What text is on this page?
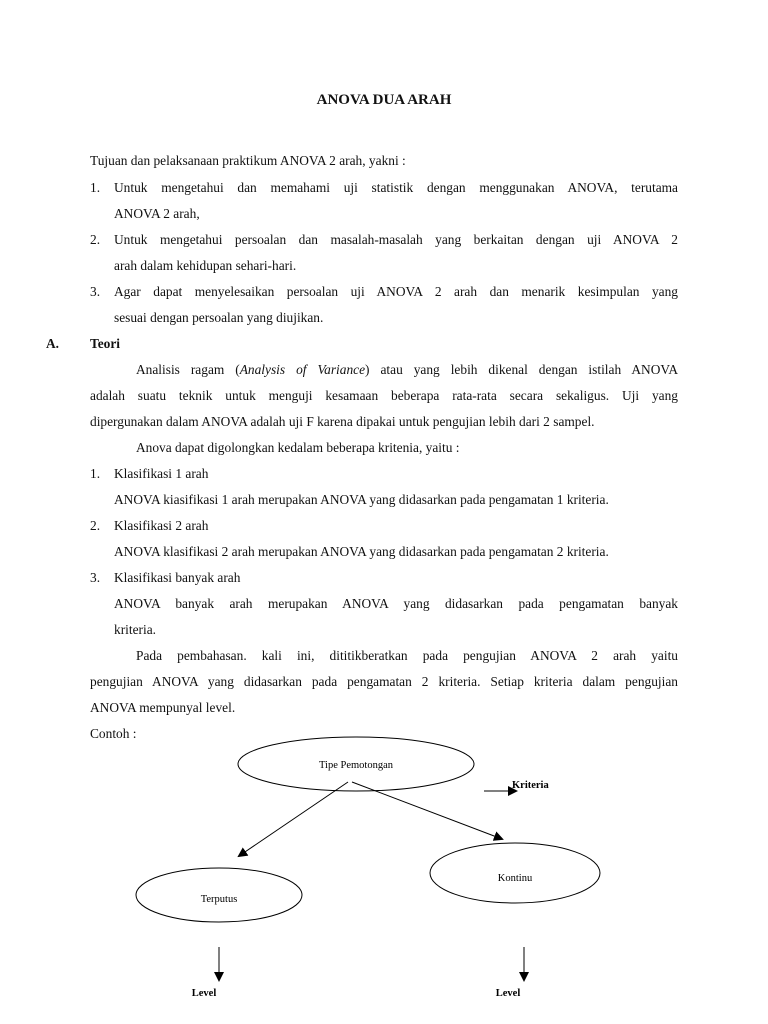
ANOVA DUA ARAH
Tujuan dan pelaksanaan praktikum ANOVA 2 arah, yakni :
1. Untuk mengetahui dan memahami uji statistik dengan menggunakan ANOVA, terutama
ANOVA 2 arah,
2. Untuk mengetahui persoalan dan masalah-masalah yang berkaitan dengan uji ANOVA 2
arah dalam kehidupan sehari-hari.
3. Agar dapat menyelesaikan persoalan uji ANOVA 2 arah dan menarik kesimpulan yang
sesuai dengan persoalan yang diujikan.
A. Teori
Analisis ragam (Analysis of Variance) atau yang lebih dikenal dengan istilah ANOVA
adalah suatu teknik untuk menguji kesamaan beberapa rata-rata secara sekaligus. Uji yang
dipergunakan dalam ANOVA adalah uji F karena dipakai untuk pengujian lebih dari 2 sampel.
Anova dapat digolongkan kedalam beberapa kritenia, yaitu :
1. Klasifikasi 1 arah
ANOVA kiasifikasi 1 arah merupakan ANOVA yang didasarkan pada pengamatan 1 kriteria.
2. Klasifikasi 2 arah
ANOVA klasifikasi 2 arah merupakan ANOVA yang didasarkan pada pengamatan 2 kriteria.
3. Klasifikasi banyak arah
ANOVA banyak arah merupakan ANOVA yang didasarkan pada pengamatan banyak
kriteria.
Pada pembahasan. kali ini, dititikberatkan pada pengujian ANOVA 2 arah yaitu
pengujian ANOVA yang didasarkan pada pengamatan 2 kriteria. Setiap kriteria dalam pengujian
ANOVA mempunyal level.
Contoh :
Tipe Pemotongan
Kriteria
Terputus
Kontinu
Level	Level
